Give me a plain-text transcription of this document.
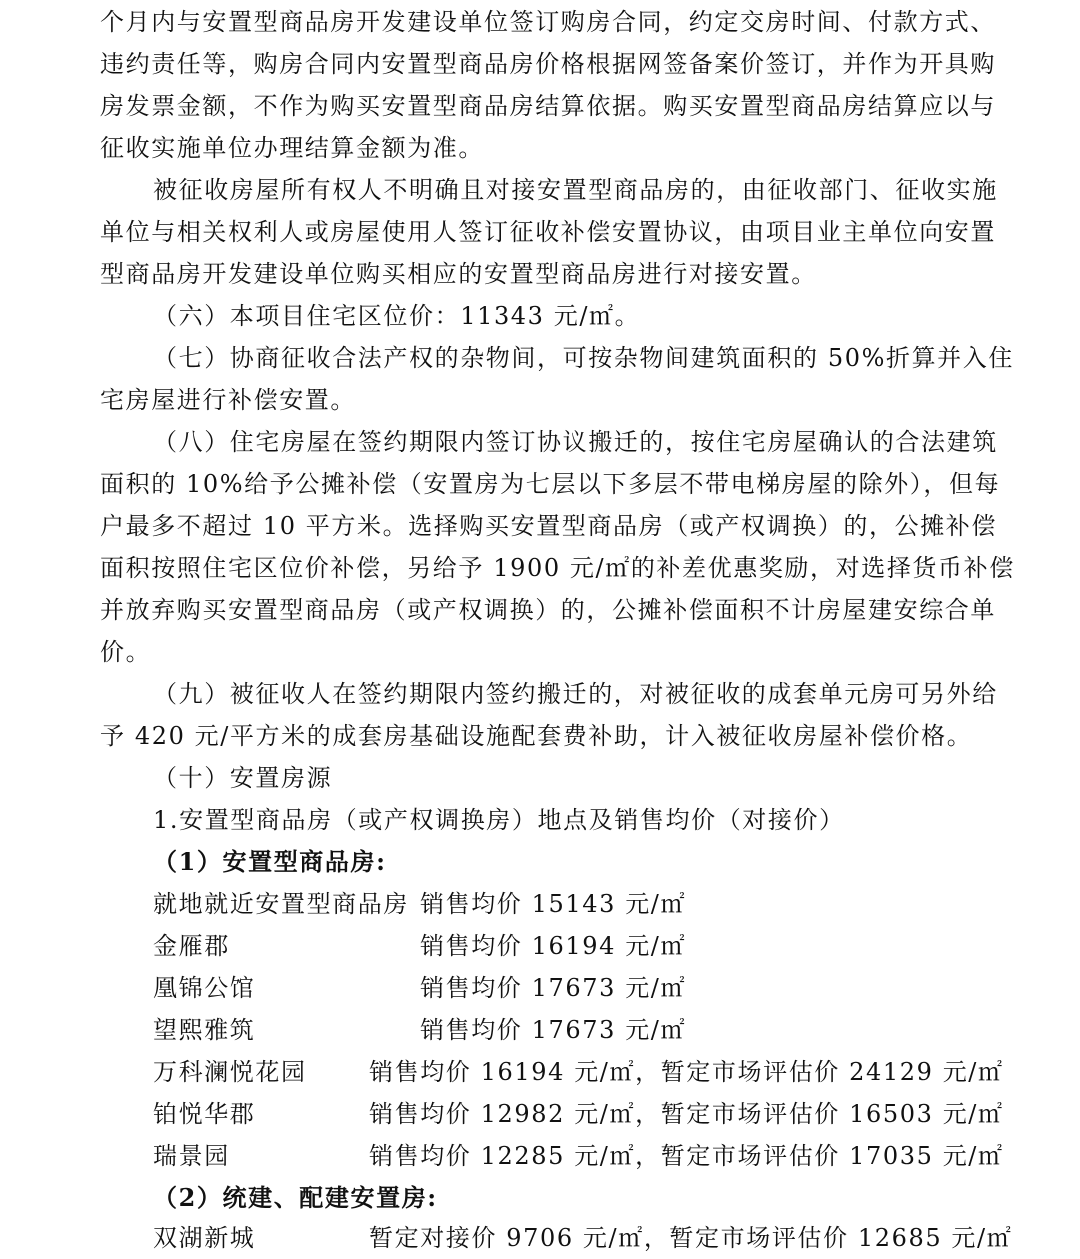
个月内与安置型商品房开发建设单位签订购房合同，约定交房时间、付款方式、
违约责任等，购房合同内安置型商品房价格根据网签备案价签订，并作为开具购
房发票金额，不作为购买安置型商品房结算依据。购买安置型商品房结算应以与
征收实施单位办理结算金额为准。
被征收房屋所有权人不明确且对接安置型商品房的，由征收部门、征收实施
单位与相关权利人或房屋使用人签订征收补偿安置协议，由项目业主单位向安置
型商品房开发建设单位购买相应的安置型商品房进行对接安置。
（六）本项目住宅区位价：11343 元/㎡。
（七）协商征收合法产权的杂物间，可按杂物间建筑面积的 50%折算并入住
宅房屋进行补偿安置。
（八）住宅房屋在签约期限内签订协议搬迁的，按住宅房屋确认的合法建筑
面积的 10%给予公摊补偿（安置房为七层以下多层不带电梯房屋的除外），但每
户最多不超过 10 平方米。选择购买安置型商品房（或产权调换）的，公摊补偿
面积按照住宅区位价补偿，另给予 1900 元/㎡的补差优惠奖励，对选择货币补偿
并放弃购买安置型商品房（或产权调换）的，公摊补偿面积不计房屋建安综合单
价。
（九）被征收人在签约期限内签约搬迁的，对被征收的成套单元房可另外给
予 420 元/平方米的成套房基础设施配套费补助，计入被征收房屋补偿价格。
（十）安置房源
1.安置型商品房（或产权调换房）地点及销售均价（对接价）
（1）安置型商品房:
就地就近安置型商品房 销售均价 15143 元/㎡
金雁郡	销售均价 16194 元/㎡
凰锦公馆	销售均价 17673 元/㎡
望熙雅筑	销售均价 17673 元/㎡
万科澜悦花园	销售均价 16194 元/㎡，暂定市场评估价 24129 元/㎡
铂悦华郡	销售均价 12982 元/㎡，暂定市场评估价 16503 元/㎡
瑞景园	销售均价 12285 元/㎡，暂定市场评估价 17035 元/㎡
（2）统建、配建安置房:
双湖新城	暂定对接价 9706 元/㎡，暂定市场评估价 12685 元/㎡
